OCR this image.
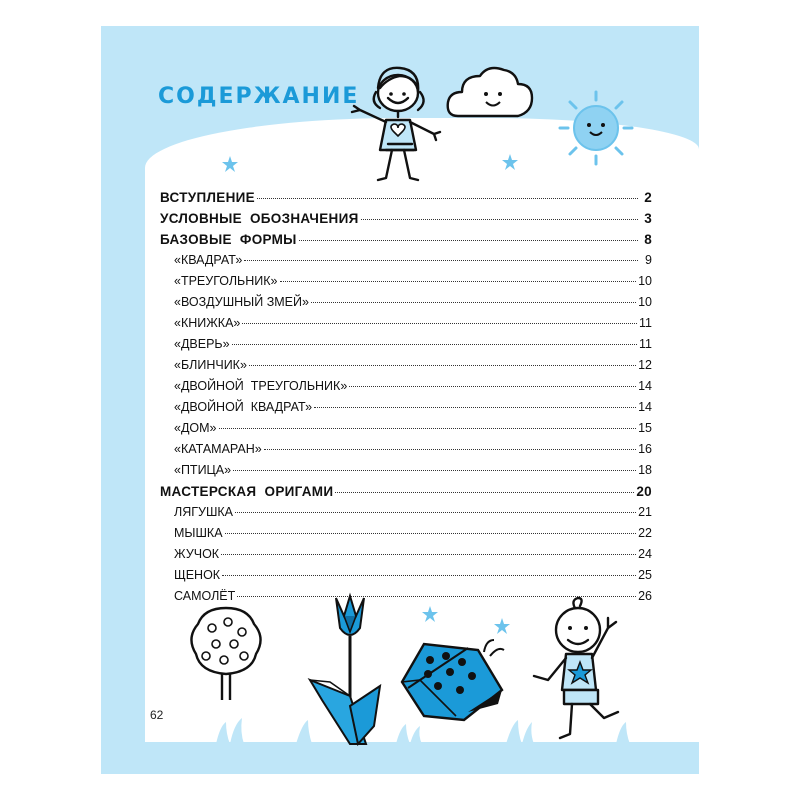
СОДЕРЖАНИЕ
ВСТУПЛЕНИЕ	2
УСЛОВНЫЕ  ОБОЗНАЧЕНИЯ	3
БАЗОВЫЕ  ФОРМЫ	8
«КВАДРАТ»	9
«ТРЕУГОЛЬНИК»	10
«ВОЗДУШНЫЙ ЗМЕЙ»	10
«КНИЖКА»	11
«ДВЕРЬ»	11
«БЛИНЧИК»	12
«ДВОЙНОЙ  ТРЕУГОЛЬНИК»	14
«ДВОЙНОЙ  КВАДРАТ»	14
«ДОМ»	15
«КАТАМАРАН»	16
«ПТИЦА»	18
МАСТЕРСКАЯ  ОРИГАМИ	20
ЛЯГУШКА	21
МЫШКА	22
ЖУЧОК	24
ЩЕНОК	25
САМОЛЁТ	26
62
